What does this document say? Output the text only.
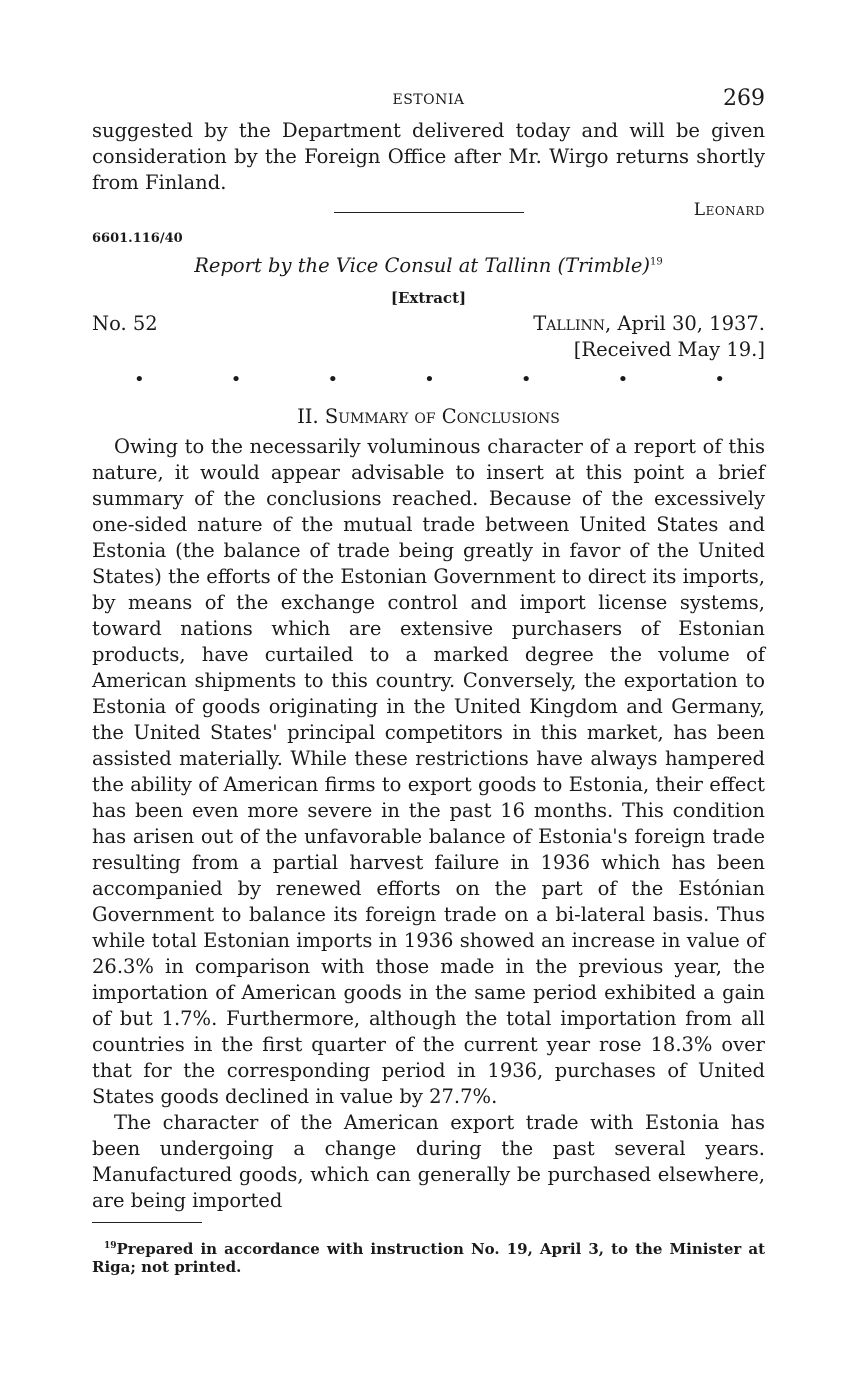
ESTONIA	269

suggested by the Department delivered today and will be given consideration by the Foreign Office after Mr. Wirgo returns shortly from Finland.

Leonard
6601.116/40
Report by the Vice Consul at Tallinn (Trimble)$^{19}$
[Extract]
No. 52	Tallinn, April 30, 1937.
[Received May 19.]
•	•	•	•	•	•	•
II. Summary of Conclusions

Owing to the necessarily voluminous character of a report of this nature, it would appear advisable to insert at this point a brief summary of the conclusions reached. Because of the excessively one-sided nature of the mutual trade between United States and Estonia (the balance of trade being greatly in favor of the United States) the efforts of the Estonian Government to direct its imports, by means of the exchange control and import license systems, toward nations which are extensive purchasers of Estonian products, have curtailed to a marked degree the volume of American shipments to this country. Conversely, the exportation to Estonia of goods originating in the United Kingdom and Germany, the United States' principal competitors in this market, has been assisted materially. While these restrictions have always hampered the ability of American firms to export goods to Estonia, their effect has been even more severe in the past 16 months. This condition has arisen out of the unfavorable balance of Estonia's foreign trade resulting from a partial harvest failure in 1936 which has been accompanied by renewed efforts on the part of the Estónian Government to balance its foreign trade on a bi-lateral basis. Thus while total Estonian imports in 1936 showed an increase in value of 26.3% in comparison with those made in the previous year, the importation of American goods in the same period exhibited a gain of but 1.7%. Furthermore, although the total importation from all countries in the first quarter of the current year rose 18.3% over that for the corresponding period in 1936, purchases of United States goods declined in value by 27.7%.

The character of the American export trade with Estonia has been undergoing a change during the past several years. Manufactured goods, which can generally be purchased elsewhere, are being imported

$^{19}$Prepared in accordance with instruction No. 19, April 3, to the Minister at Riga; not printed.
